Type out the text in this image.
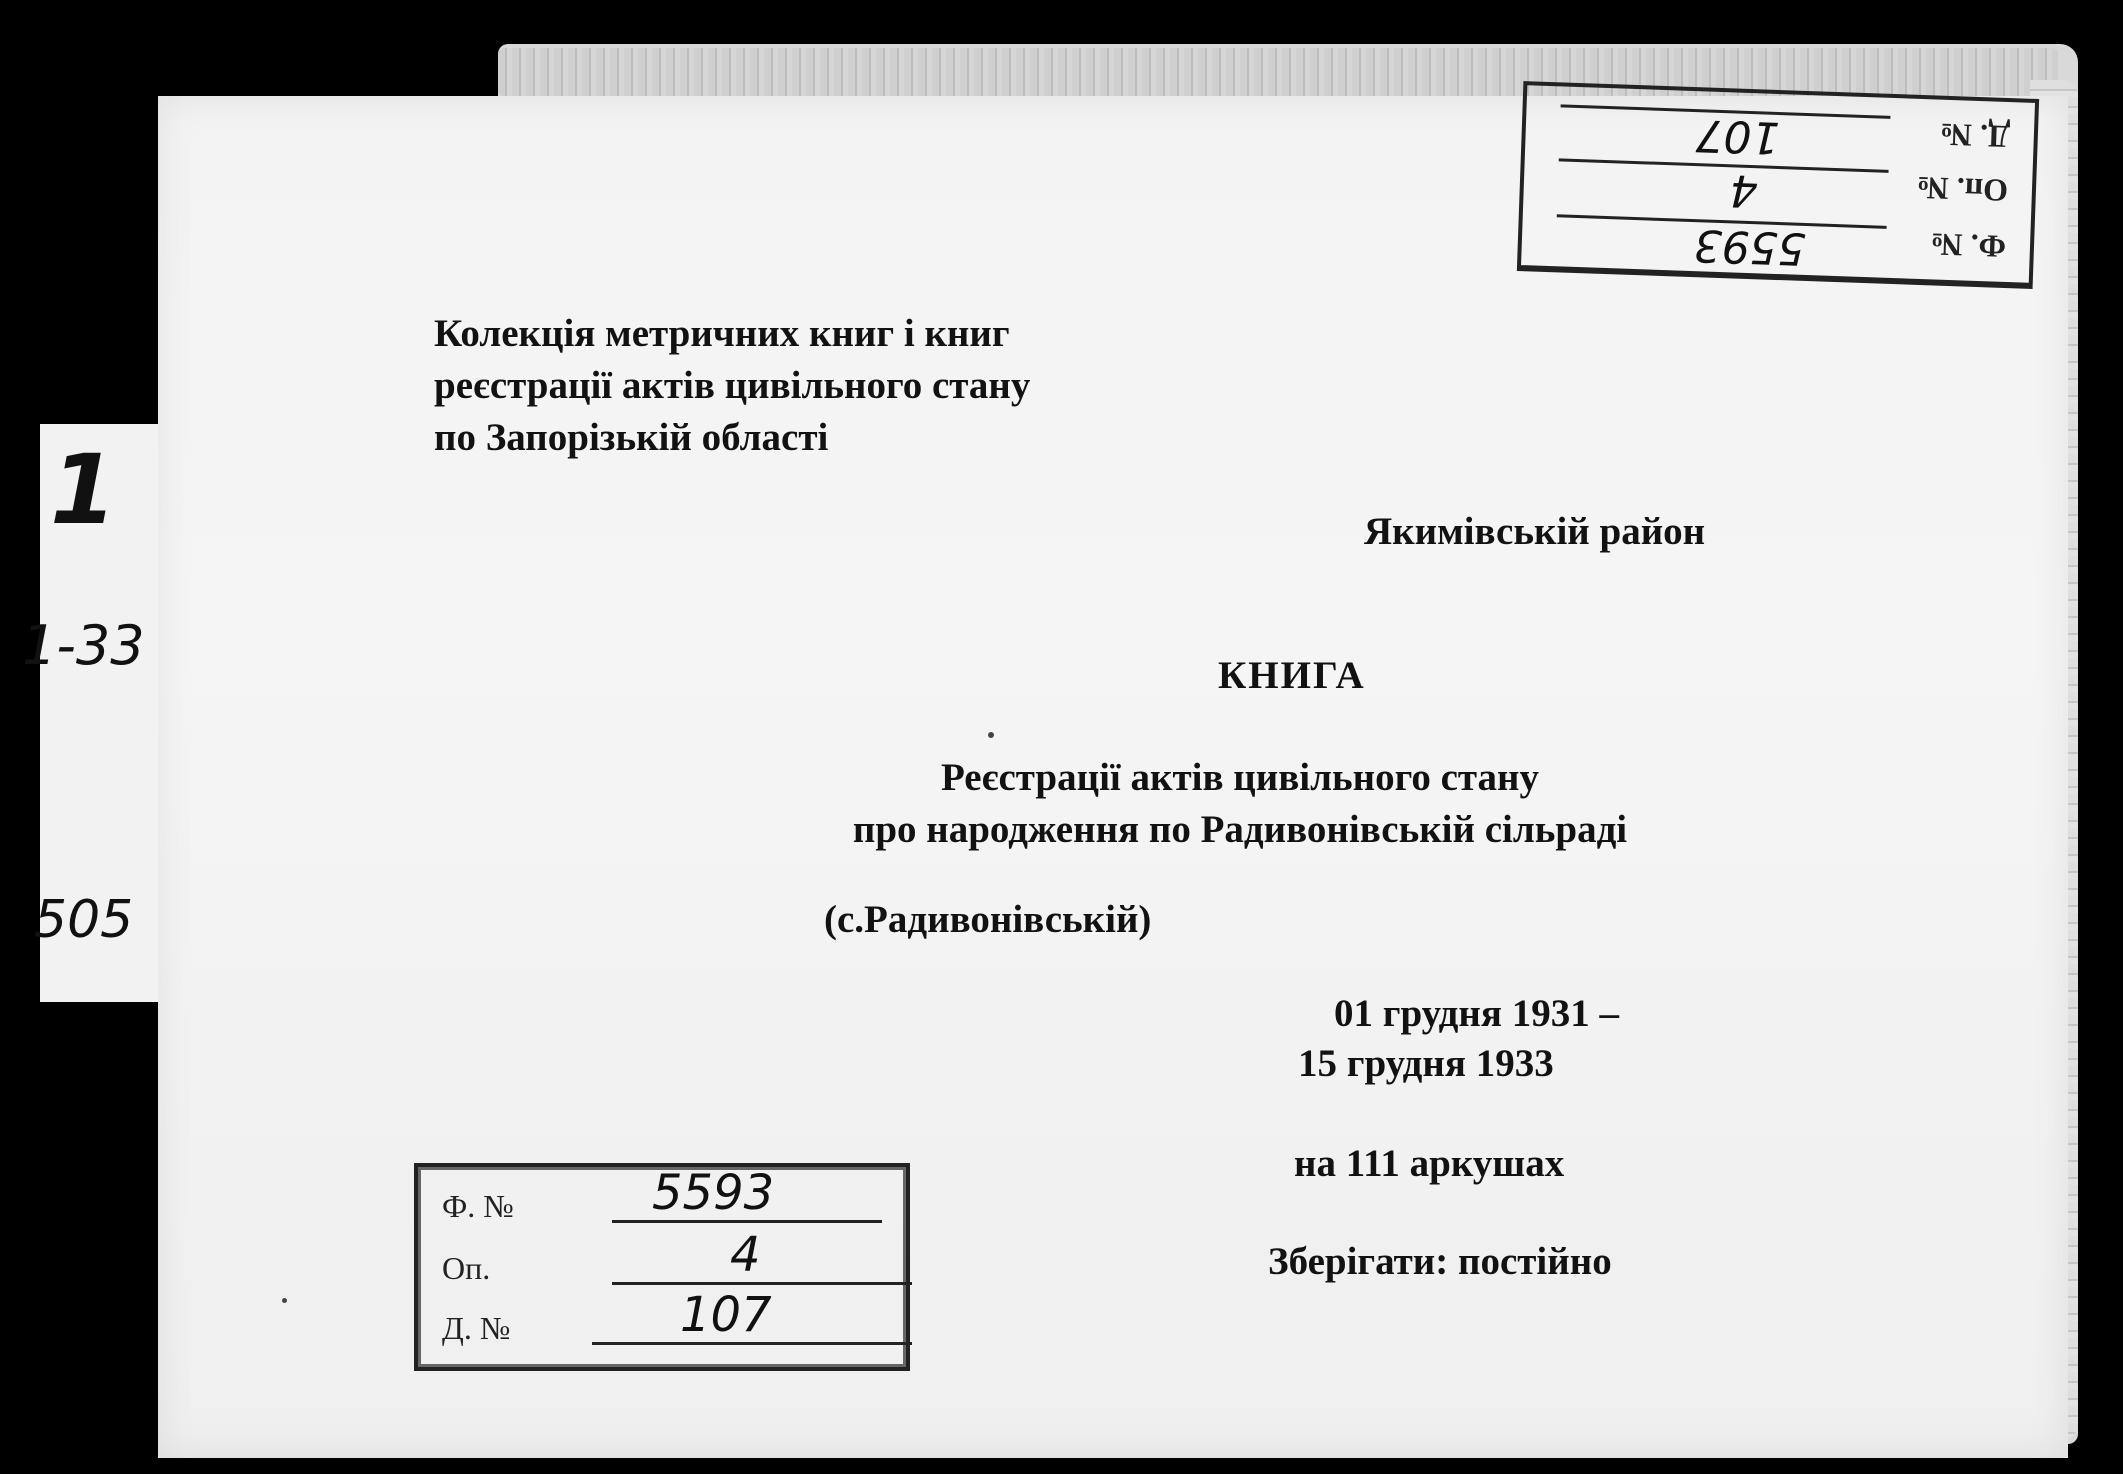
1
1-33
505
Колекція метричних книг і книг
реєстрації актів цивільного стану
по Запорізькій області
Якимівській район
КНИГА
Реєстрації актів цивільного стану
про народження по Радивонівській сільраді
(с.Радивонівській)
01 грудня 1931 –
15 грудня 1933
на 111 аркушах
Зберігати: постійно
Ф. №	5593
Оп.	4
Д. №	107
Ф. №
5593
Оп. №
4
Д. №
107
